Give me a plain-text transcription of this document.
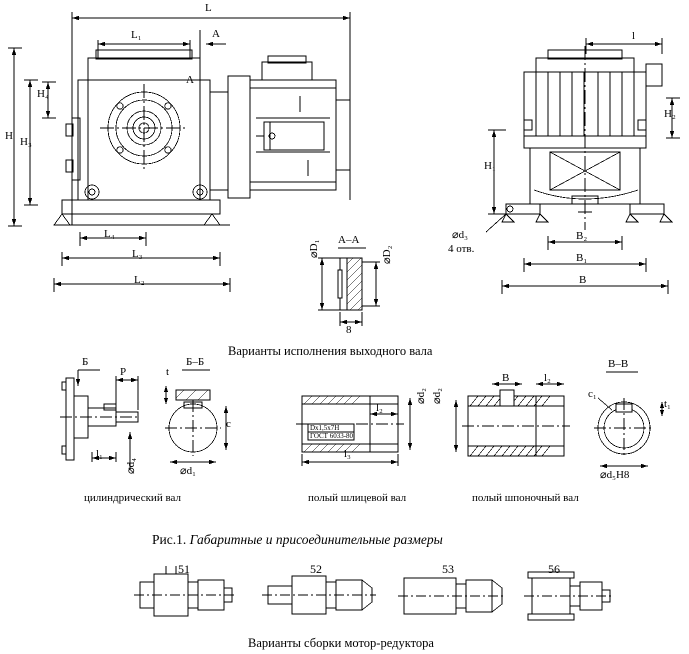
L
L₁	A
A
H H₃
H₄
L₄
L₃
L₂
A–A
⌀D₁	⌀D₂
8
l
H₁
H₂
⌀d₃
4 отв.
B₂
B₁
B
Варианты исполнения выходного вала
Б
P
Б–Б
t
l₁
⌀d₄	⌀d₁
c
цилиндрический вал
Dx1,5x7H
ГОСТ 6033-80
l₂
l₃
⌀d₂
полый шлицевой вал
B	l₂
⌀d₂
B–B
c₁
t₁
⌀d₅H8
полый шпоночный вал
Рис.1. Габаритные и присоединительные размеры
51	52	53	56
Варианты сборки мотор-редуктора
